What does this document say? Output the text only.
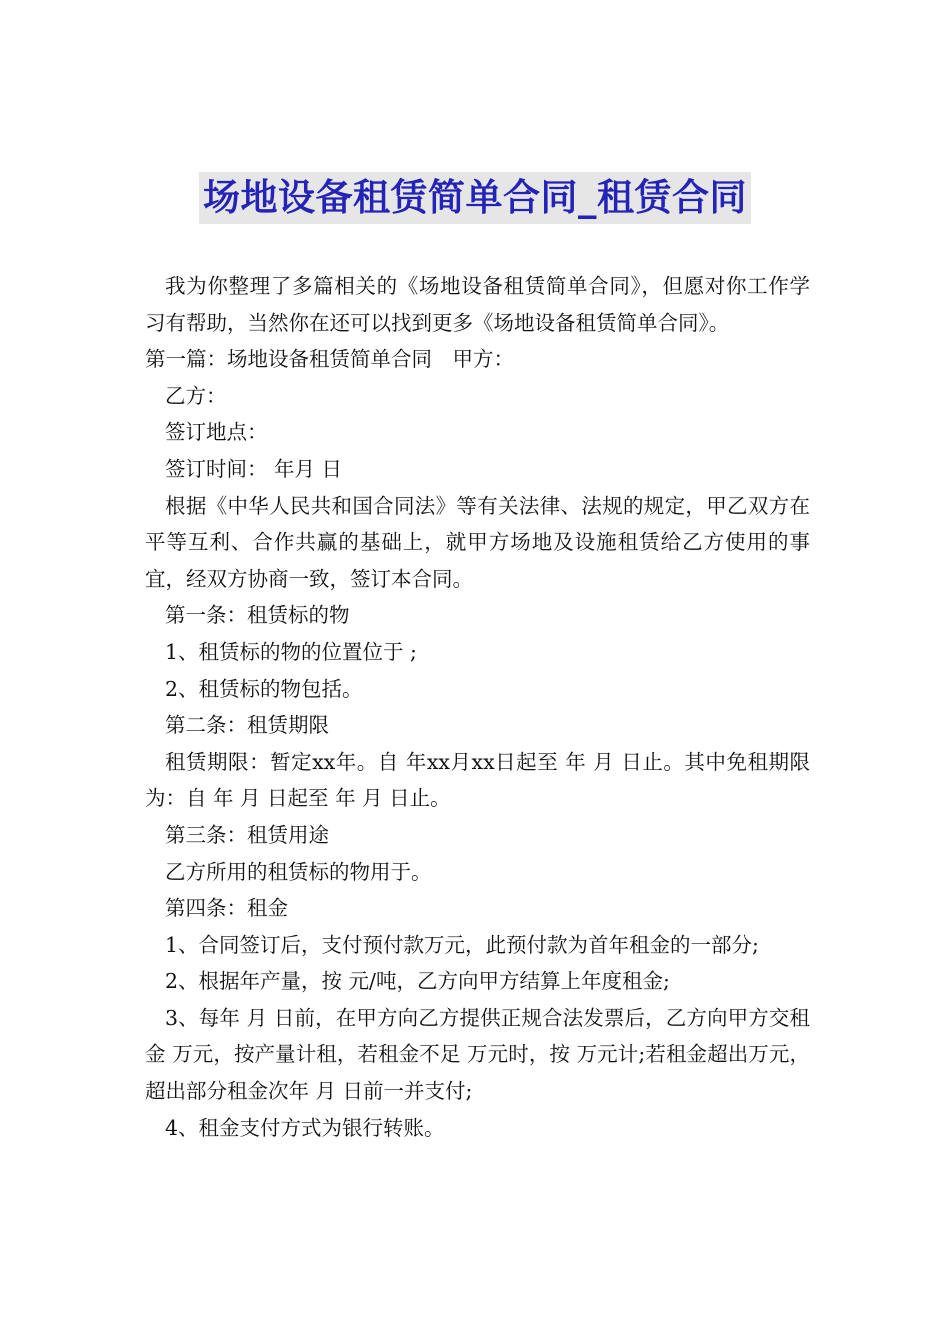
场地设备租赁简单合同_租赁合同

我为你整理了多篇相关的《场地设备租赁简单合同》，但愿对你工作学习有帮助，当然你在还可以找到更多《场地设备租赁简单合同》。

第一篇：场地设备租赁简单合同　甲方：

乙方：

签订地点：

签订时间： 年月 日

根据《中华人民共和国合同法》等有关法律、法规的规定，甲乙双方在平等互利、合作共赢的基础上，就甲方场地及设施租赁给乙方使用的事宜，经双方协商一致，签订本合同。

第一条：租赁标的物

1、租赁标的物的位置位于 ;

2、租赁标的物包括。

第二条：租赁期限

租赁期限：暂定xx年。自 年xx月xx日起至 年 月 日止。其中免租期限为：自 年 月 日起至 年 月 日止。

第三条：租赁用途

乙方所用的租赁标的物用于。

第四条：租金

1、合同签订后，支付预付款万元，此预付款为首年租金的一部分;

2、根据年产量，按 元/吨，乙方向甲方结算上年度租金;

3、每年 月 日前，在甲方向乙方提供正规合法发票后，乙方向甲方交租金 万元，按产量计租，若租金不足 万元时，按 万元计;若租金超出万元，超出部分租金次年 月 日前一并支付;

4、租金支付方式为银行转账。
